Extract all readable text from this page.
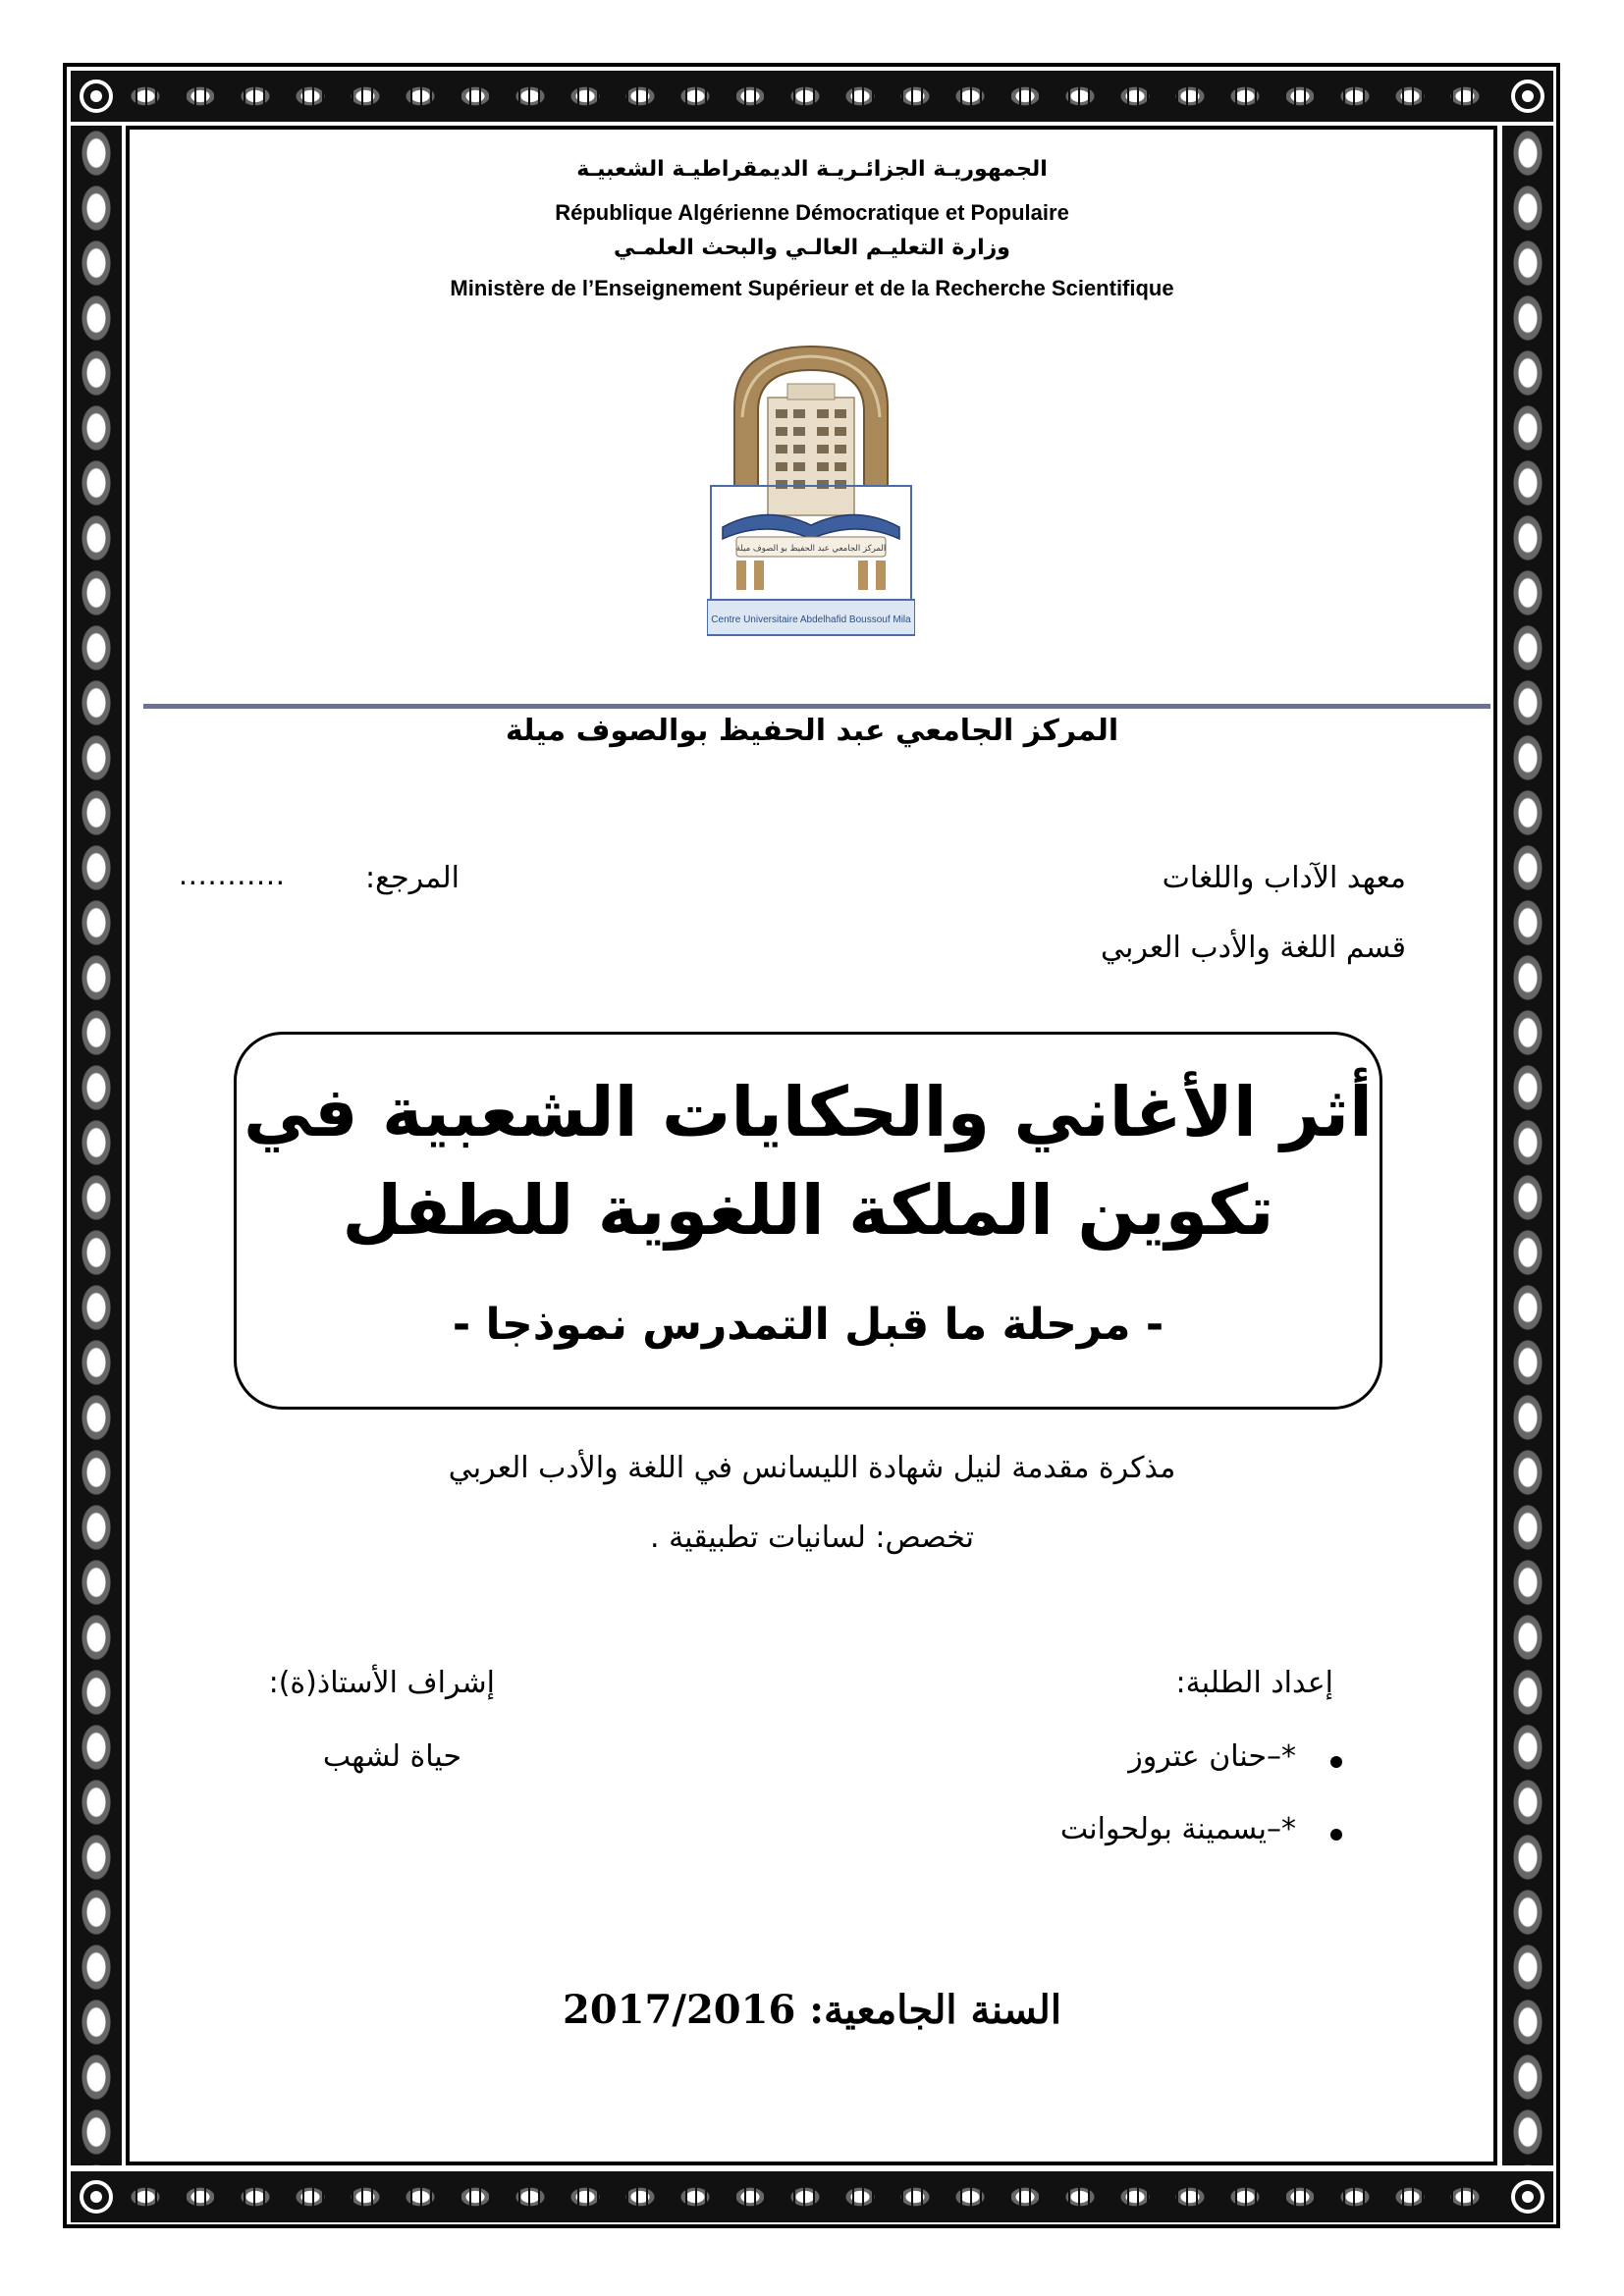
الجمهوريـة الجزائـريـة الديمقراطيـة الشعبيـة
République Algérienne Démocratique et Populaire
وزارة التعليـم العالـي والبحث العلمـي
Ministère de l’Enseignement Supérieur et de la Recherche Scientifique
المركز الجامعي عبد الحفيظ بو الصوف ميلة
Centre Universitaire Abdelhafid Boussouf Mila
المركز الجامعي عبد الحفيظ بوالصوف ميلة
معهد الآداب واللغات
قسم اللغة والأدب العربي
المرجع:
...........
أثر الأغاني والحكايات الشعبية في
تكوين الملكة اللغوية للطفل
- مرحلة ما قبل التمدرس نموذجا -
مذكرة مقدمة لنيل شهادة الليسانس في اللغة والأدب العربي
تخصص: لسانيات تطبيقية .
إعداد الطلبة:
إشراف الأستاذ(ة):
*–حنان عتروز
*–يسمينة بولحوانت
حياة لشهب
السنة الجامعية: 2017/2016
